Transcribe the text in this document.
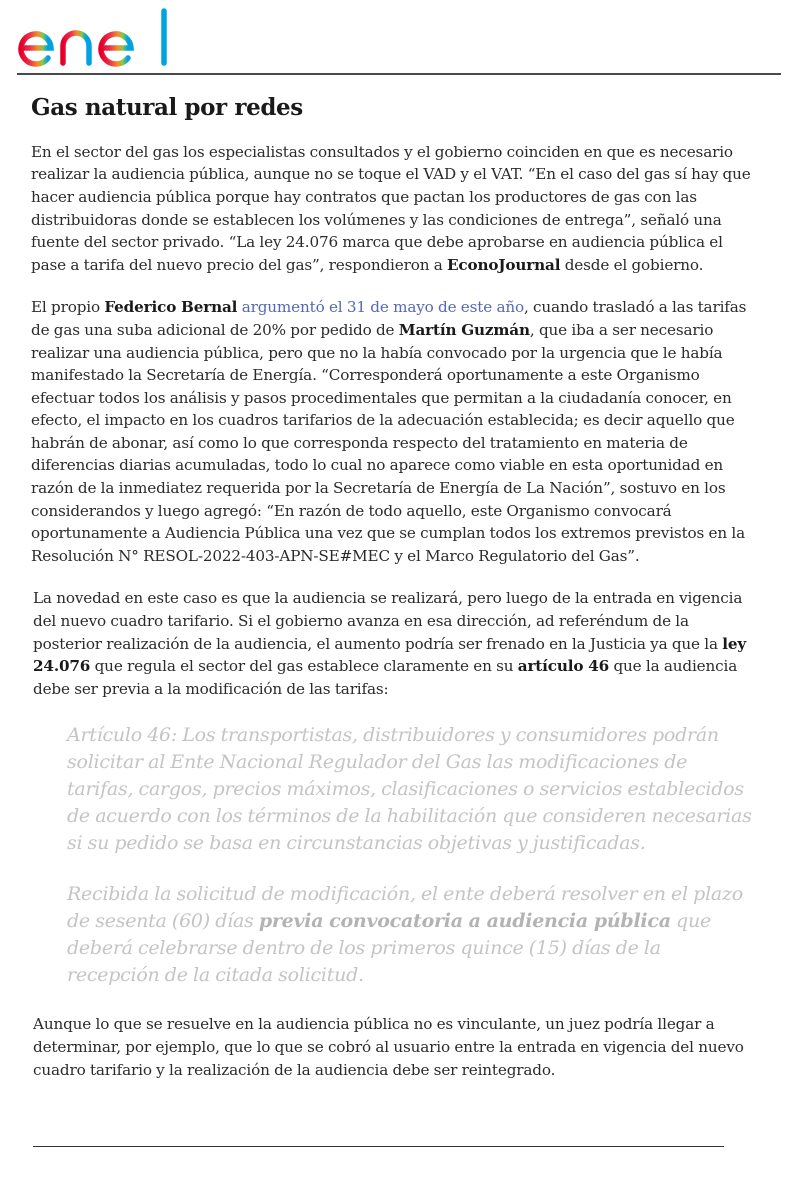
Gas natural por redes

En el sector del gas los especialistas consultados y el gobierno coinciden en que es necesario realizar la audiencia pública, aunque no se toque el VAD y el VAT. “En el caso del gas sí hay que hacer audiencia pública porque hay contratos que pactan los productores de gas con las distribuidoras donde se establecen los volúmenes y las condiciones de entrega”, señaló una fuente del sector privado. “La ley 24.076 marca que debe aprobarse en audiencia pública el pase a tarifa del nuevo precio del gas”, respondieron a EconoJournal desde el gobierno.

El propio Federico Bernal argumentó el 31 de mayo de este año, cuando trasladó a las tarifas de gas una suba adicional de 20% por pedido de Martín Guzmán, que iba a ser necesario realizar una audiencia pública, pero que no la había convocado por la urgencia que le había manifestado la Secretaría de Energía. “Corresponderá oportunamente a este Organismo efectuar todos los análisis y pasos procedimentales que permitan a la ciudadanía conocer, en efecto, el impacto en los cuadros tarifarios de la adecuación establecida; es decir aquello que habrán de abonar, así como lo que corresponda respecto del tratamiento en materia de diferencias diarias acumuladas, todo lo cual no aparece como viable en esta oportunidad en razón de la inmediatez requerida por la Secretaría de Energía de La Nación”, sostuvo en los considerandos y luego agregó: “En razón de todo aquello, este Organismo convocará oportunamente a Audiencia Pública una vez que se cumplan todos los extremos previstos en la Resolución N° RESOL-2022-403-APN-SE#MEC y el Marco Regulatorio del Gas”.

La novedad en este caso es que la audiencia se realizará, pero luego de la entrada en vigencia del nuevo cuadro tarifario. Si el gobierno avanza en esa dirección, ad referéndum de la posterior realización de la audiencia, el aumento podría ser frenado en la Justicia ya que la ley 24.076 que regula el sector del gas establece claramente en su artículo 46 que la audiencia debe ser previa a la modificación de las tarifas:

Artículo 46: Los transportistas, distribuidores y consumidores podrán solicitar al Ente Nacional Regulador del Gas las modificaciones de tarifas, cargos, precios máximos, clasificaciones o servicios establecidos de acuerdo con los términos de la habilitación que consideren necesarias si su pedido se basa en circunstancias objetivas y justificadas.

Recibida la solicitud de modificación, el ente deberá resolver en el plazo de sesenta (60) días previa convocatoria a audiencia pública que deberá celebrarse dentro de los primeros quince (15) días de la recepción de la citada solicitud.

Aunque lo que se resuelve en la audiencia pública no es vinculante, un juez podría llegar a determinar, por ejemplo, que lo que se cobró al usuario entre la entrada en vigencia del nuevo cuadro tarifario y la realización de la audiencia debe ser reintegrado.
